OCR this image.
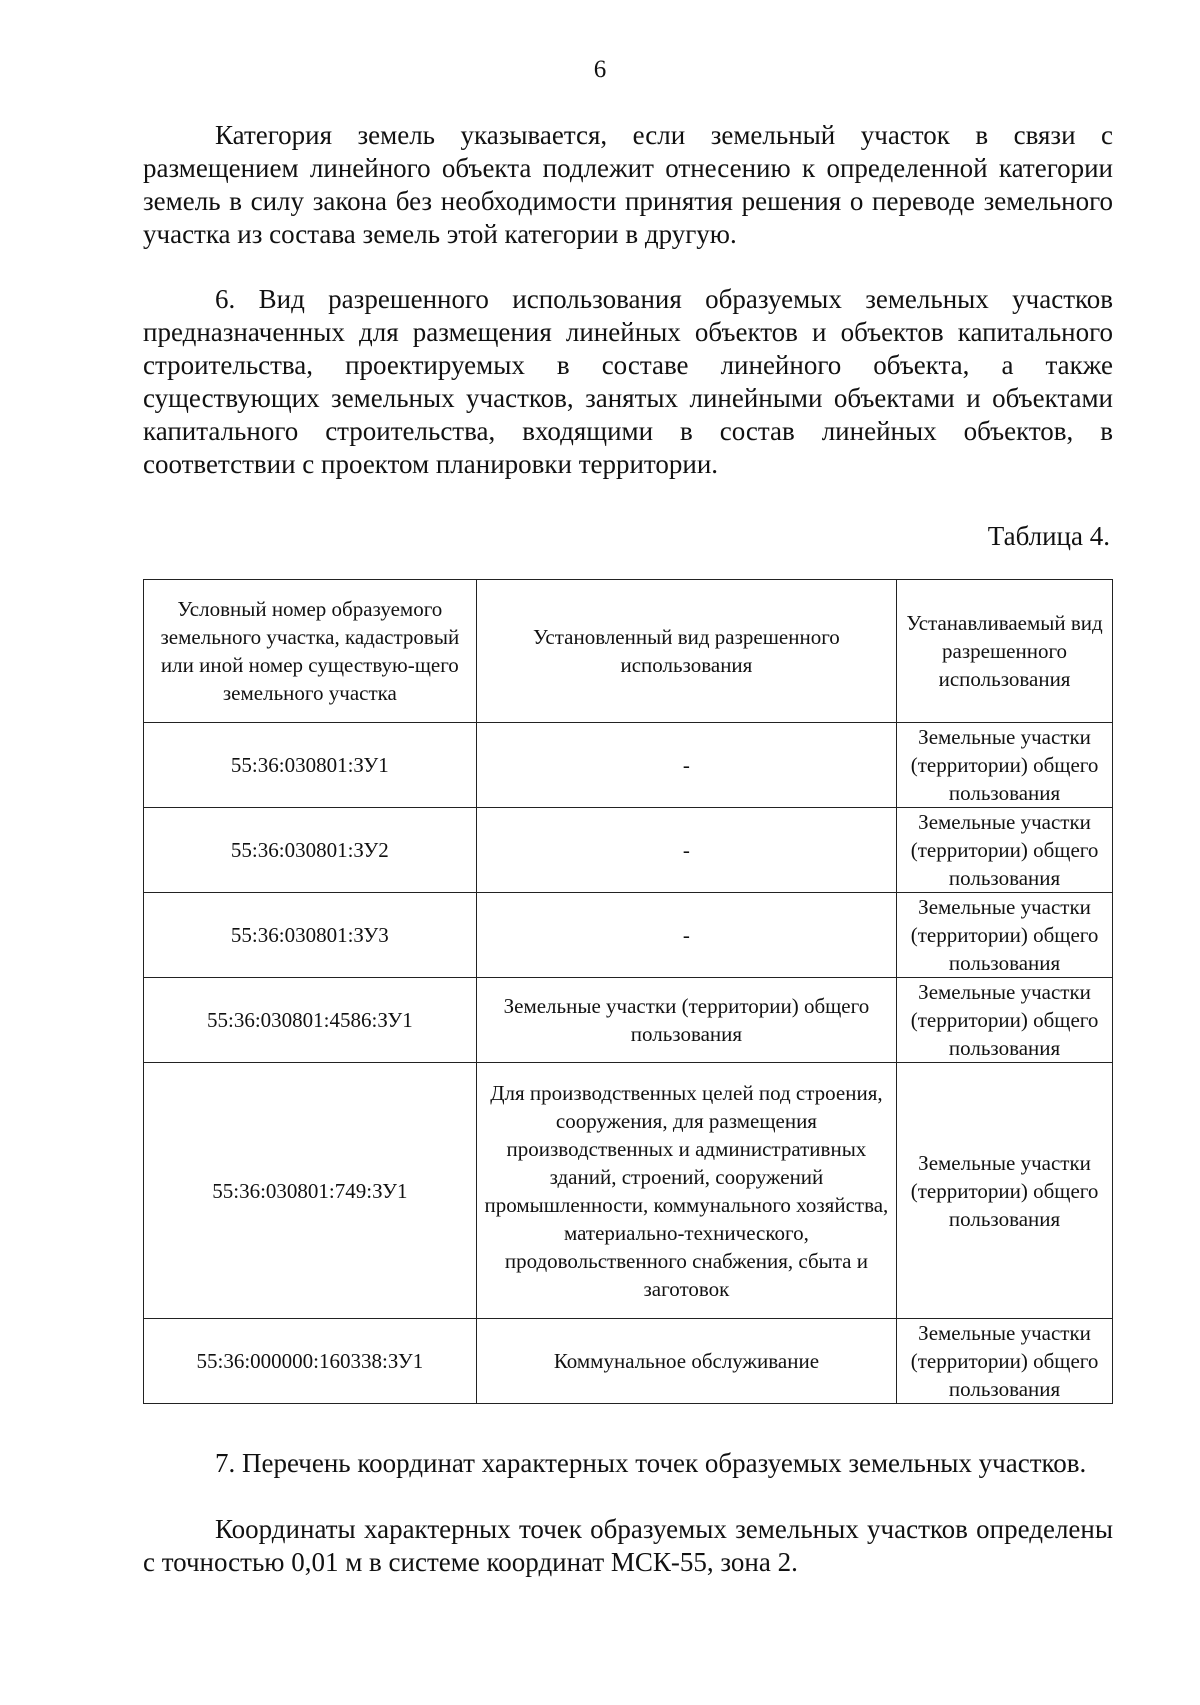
6

Категория земель указывается, если земельный участок в связи с размещением линейного объекта подлежит отнесению к определенной категории земель в силу закона без необходимости принятия решения о переводе земельного участка из состава земель этой категории в другую.

6. Вид разрешенного использования образуемых земельных участков предназначенных для размещения линейных объектов и объектов капитального строительства, проектируемых в составе линейного объекта, а также существующих земельных участков, занятых линейными объектами и объектами капитального строительства, входящими в состав линейных объектов, в соответствии с проектом планировки территории.

Таблица 4.

Условный номер образуемого земельного участка, кадастровый или иной номер существую-щего земельного участка	Установленный вид разрешенного использования	Устанавливаемый вид разрешенного использования
55:36:030801:ЗУ1	-	Земельные участки (территории) общего пользования
55:36:030801:ЗУ2	-	Земельные участки (территории) общего пользования
55:36:030801:ЗУ3	-	Земельные участки (территории) общего пользования
55:36:030801:4586:ЗУ1	Земельные участки (территории) общего пользования	Земельные участки (территории) общего пользования
55:36:030801:749:ЗУ1	Для производственных целей под строения, сооружения, для размещения производственных и административных зданий, строений, сооружений промышленности, коммунального хозяйства, материально-технического, продовольственного снабжения, сбыта и заготовок	Земельные участки (территории) общего пользования
55:36:000000:160338:ЗУ1	Коммунальное обслуживание	Земельные участки (территории) общего пользования

7. Перечень координат характерных точек образуемых земельных участков.

Координаты характерных точек образуемых земельных участков определены с точностью 0,01 м в системе координат МСК-55, зона 2.
